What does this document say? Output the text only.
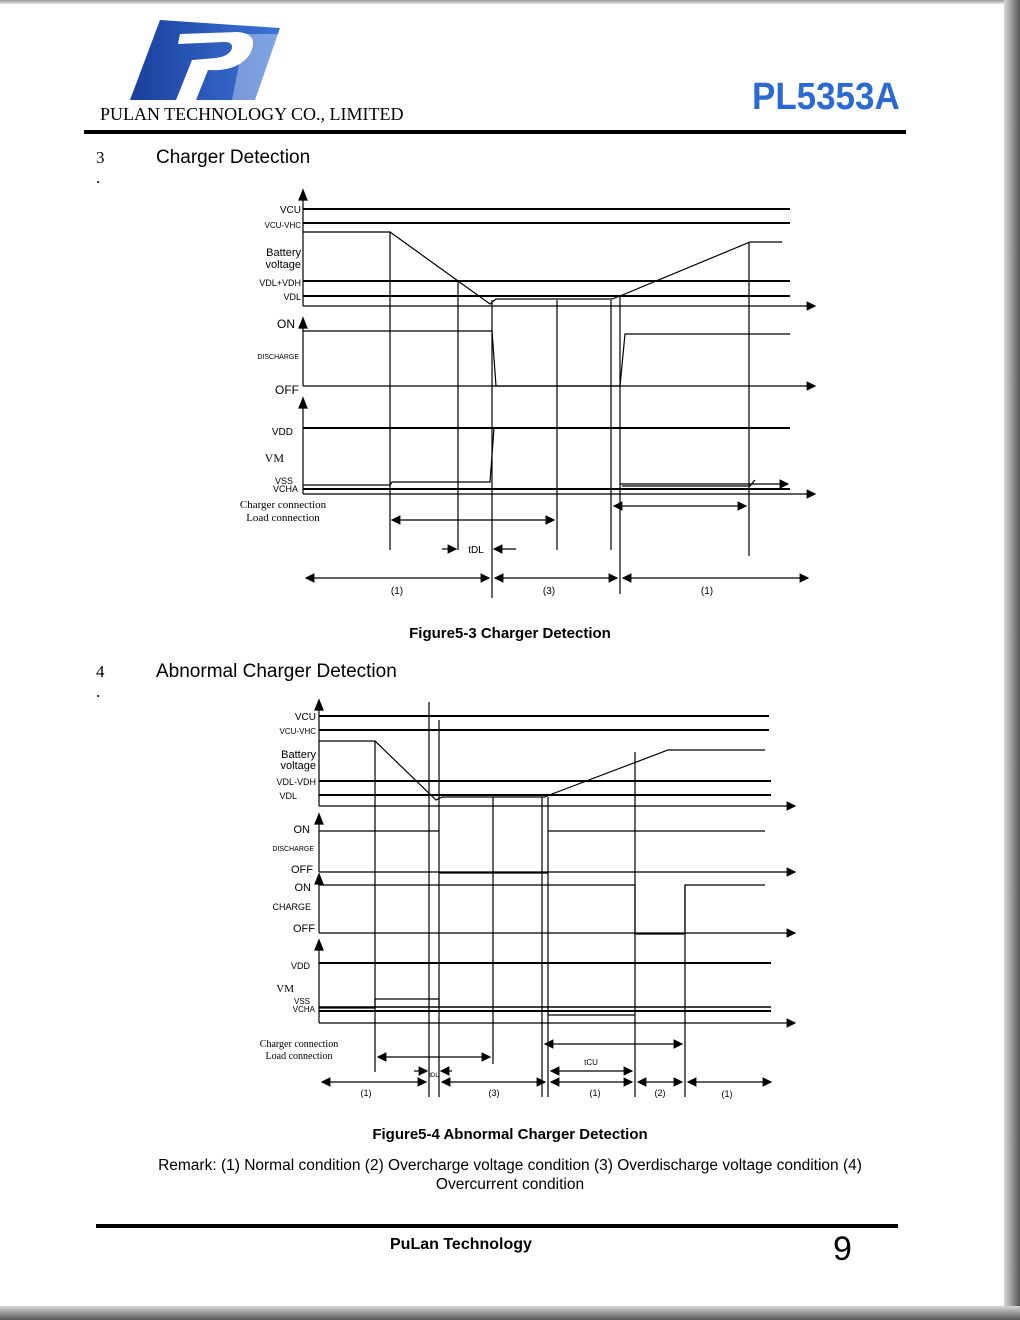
PULAN TECHNOLOGY CO., LIMITED	PL5353A
3 .
Charger Detection
VCU
VCU-VHC
Battery
voltage
VDL+VDH
VDL
ON
DISCHARGE
OFF
VDD
VM
VSS
VCHA
Charger connection
Load connection
tDL
(1)	(3)	(1)
Figure5-3 Charger Detection
4 .
Abnormal Charger Detection
VCU
VCU-VHC
Battery
voltage
VDL-VDH
VDL
ON
DISCHARGE
OFF
ON
CHARGE
OFF
VDD
VM
VSS
VCHA
Charger connection
Load connection
tDL
tCU
(1)	(3)	(1)	(2)	(1)
Figure5-4 Abnormal Charger Detection
Remark: (1) Normal condition (2) Overcharge voltage condition (3) Overdischarge voltage condition (4) Overcurrent condition
PuLan Technology	9
